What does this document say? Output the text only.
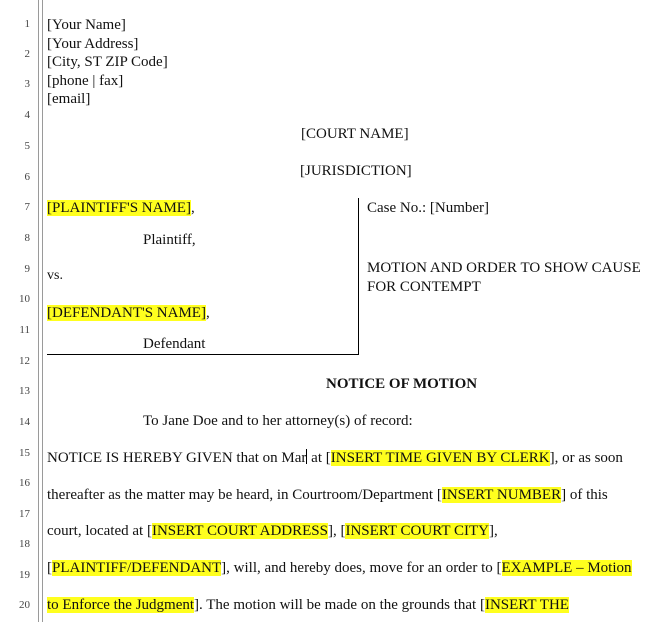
1
2
3
4
5
6
7
8
9
10
11
12
13
14
15
16
17
18
19
20
[Your Name]
[Your Address]
[City, ST ZIP Code]
[phone | fax]
[email]
[COURT NAME]
[JURISDICTION]
[PLAINTIFF'S NAME],
Plaintiff,
vs.
[DEFENDANT'S NAME],
Defendant
Case No.: [Number]
MOTION AND ORDER TO SHOW CAUSE
FOR CONTEMPT
NOTICE OF MOTION
To Jane Doe and to her attorney(s) of record:
NOTICE IS HEREBY GIVEN that on Mar at [INSERT TIME GIVEN BY CLERK], or as soon
thereafter as the matter may be heard, in Courtroom/Department [INSERT NUMBER] of this
court, located at [INSERT COURT ADDRESS], [INSERT COURT CITY],
[PLAINTIFF/DEFENDANT], will, and hereby does, move for an order to [EXAMPLE – Motion
to Enforce the Judgment]. The motion will be made on the grounds that [INSERT THE
